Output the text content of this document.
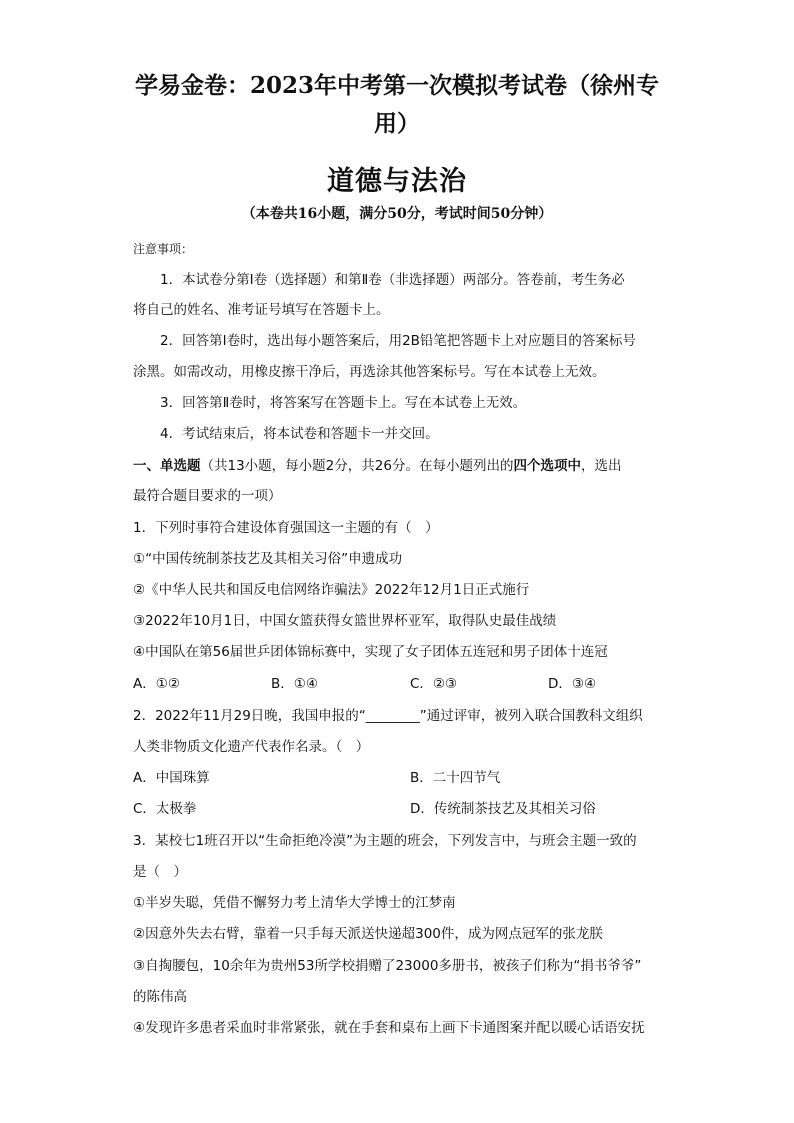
学易金卷：2023年中考第一次模拟考试卷（徐州专
用）
道德与法治
（本卷共16小题，满分50分，考试时间50分钟）
注意事项：
1．本试卷分第Ⅰ卷（选择题）和第Ⅱ卷（非选择题）两部分。答卷前，考生务必
将自己的姓名、准考证号填写在答题卡上。
2．回答第Ⅰ卷时，选出每小题答案后，用2B铅笔把答题卡上对应题目的答案标号
涂黑。如需改动，用橡皮擦干净后，再选涂其他答案标号。写在本试卷上无效。
3．回答第Ⅱ卷时，将答案写在答题卡上。写在本试卷上无效。
4．考试结束后，将本试卷和答题卡一并交回。
一、单选题（共13小题，每小题2分，共26分。在每小题列出的四个选项中，选出
最符合题目要求的一项）
1．下列时事符合建设体育强国这一主题的有（　）
①“中国传统制茶技艺及其相关习俗”申遗成功
②《中华人民共和国反电信网络诈骗法》2022年12月1日正式施行
③2022年10月1日，中国女篮获得女篮世界杯亚军，取得队史最佳战绩
④中国队在第56届世乒团体锦标赛中，实现了女子团体五连冠和男子团体十连冠
A．①②	B．①④	C．②③	D．③④
2．2022年11月29日晚，我国申报的“________”通过评审，被列入联合国教科文组织
人类非物质文化遗产代表作名录。（　）
A．中国珠算	B．二十四节气
C．太极拳	D．传统制茶技艺及其相关习俗
3．某校七1班召开以“生命拒绝冷漠”为主题的班会，下列发言中，与班会主题一致的
是（　）
①半岁失聪，凭借不懈努力考上清华大学博士的江梦南
②因意外失去右臂，靠着一只手每天派送快递超300件，成为网点冠军的张龙朕
③自掏腰包，10余年为贵州53所学校捐赠了23000多册书，被孩子们称为“捐书爷爷”
的陈伟高
④发现许多患者采血时非常紧张，就在手套和桌布上画下卡通图案并配以暖心话语安抚
